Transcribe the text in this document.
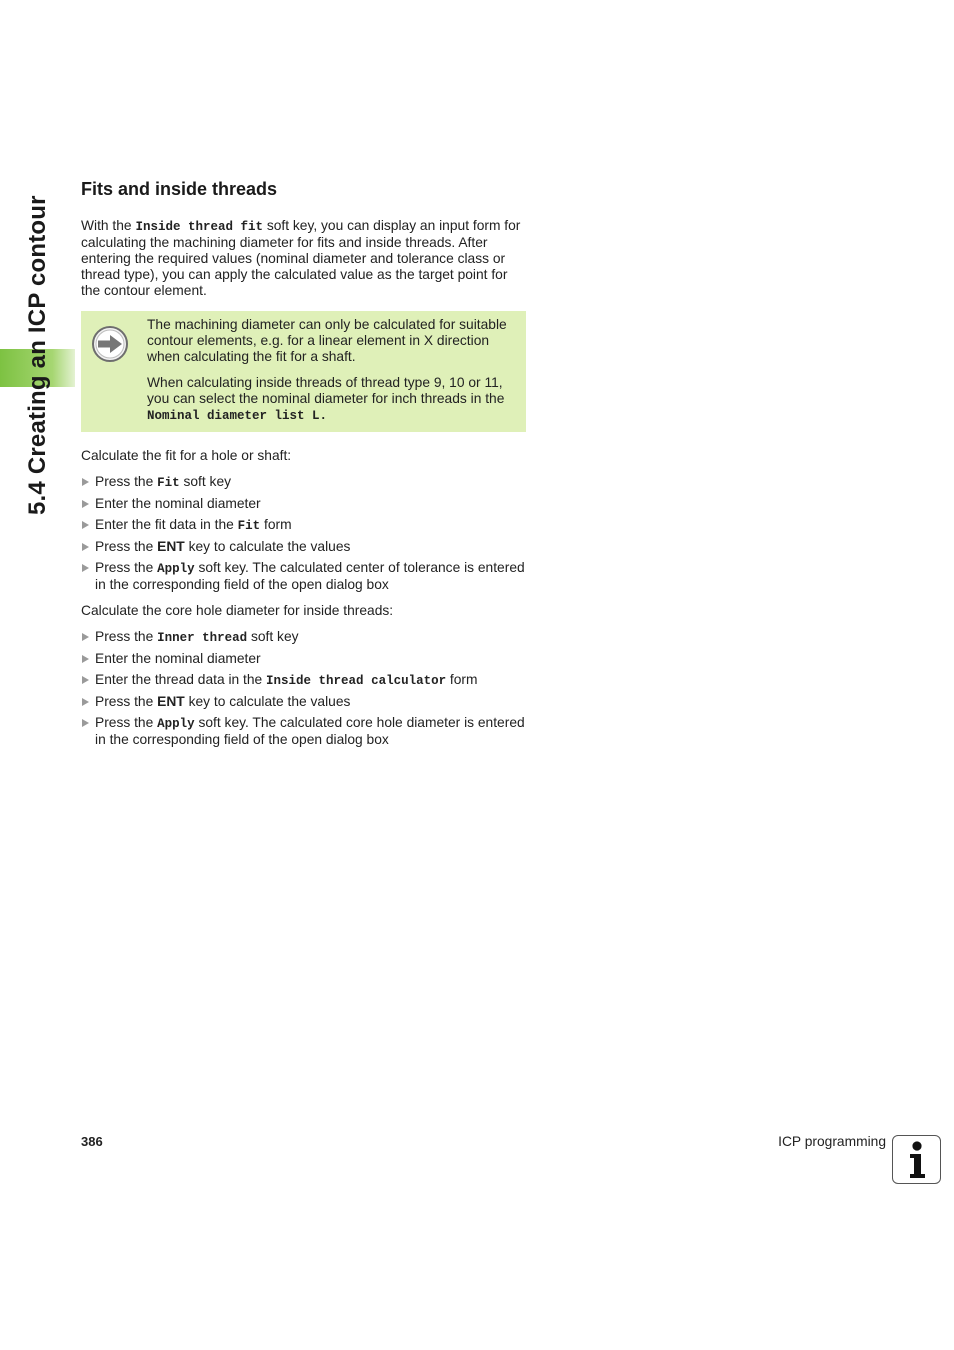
5.4 Creating an ICP contour
Fits and inside threads

With the Inside thread fit soft key, you can display an input form for calculating the machining diameter for fits and inside threads. After entering the required values (nominal diameter and tolerance class or thread type), you can apply the calculated value as the target point for the contour element.

The machining diameter can only be calculated for suitable contour elements, e.g. for a linear element in X direction when calculating the fit for a shaft.

When calculating inside threads of thread type 9, 10 or 11, you can select the nominal diameter for inch threads in the Nominal diameter list L.

Calculate the fit for a hole or shaft:

Press the Fit soft key
Enter the nominal diameter
Enter the fit data in the Fit form
Press the ENT key to calculate the values
Press the Apply soft key. The calculated center of tolerance is entered in the corresponding field of the open dialog box

Calculate the core hole diameter for inside threads:

Press the Inner thread soft key
Enter the nominal diameter
Enter the thread data in the Inside thread calculator form
Press the ENT key to calculate the values
Press the Apply soft key. The calculated core hole diameter is entered in the corresponding field of the open dialog box
386	ICP programming
